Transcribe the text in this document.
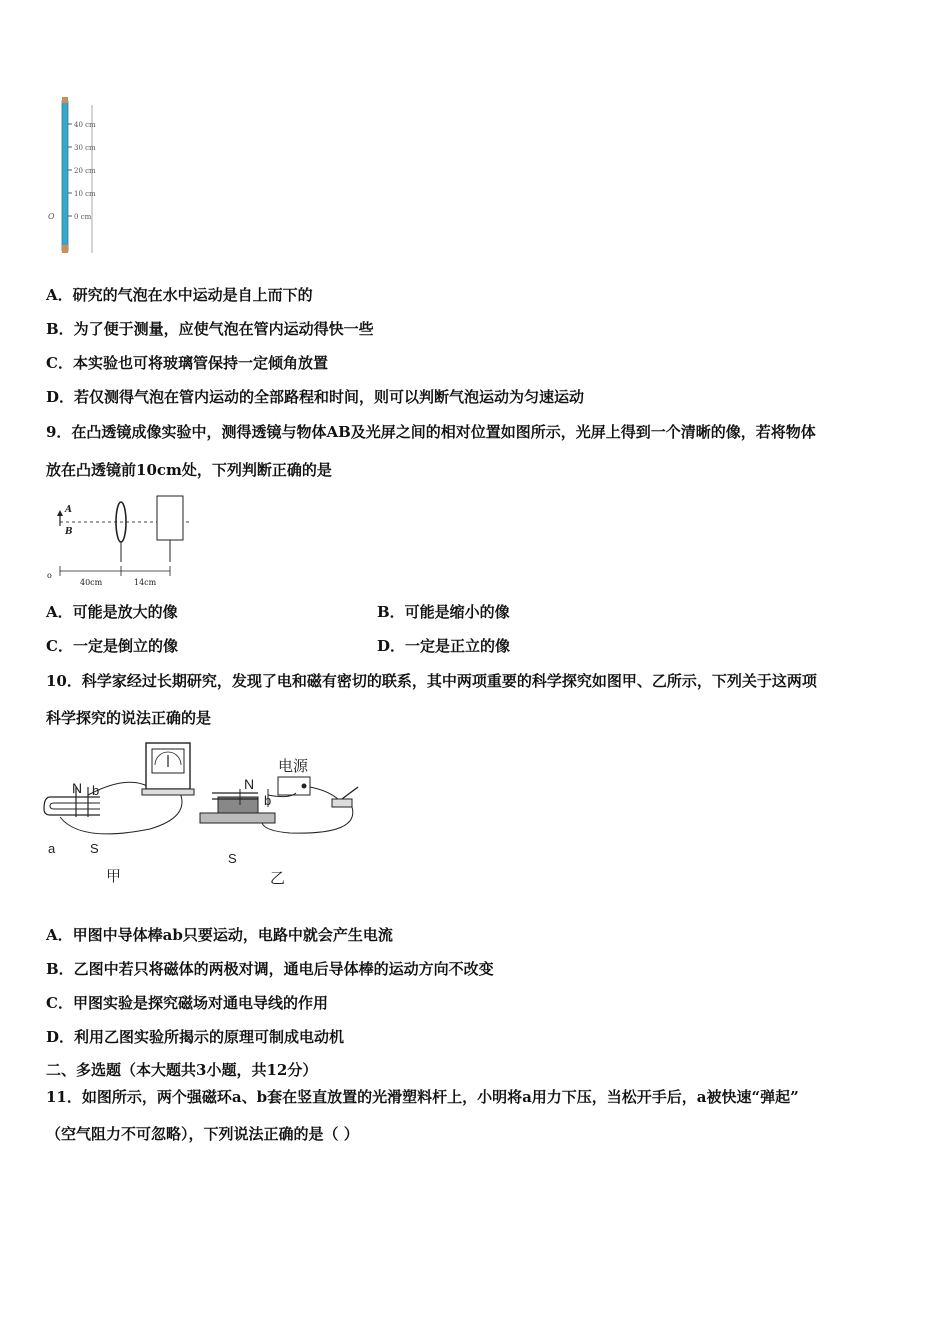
40 cm
30 cm
20 cm
10 cm
0 cm
O
A．研究的气泡在水中运动是自上而下的
B．为了便于测量，应使气泡在管内运动得快一些
C．本实验也可将玻璃管保持一定倾角放置
D．若仅测得气泡在管内运动的全部路程和时间，则可以判断气泡运动为匀速运动
9．在凸透镜成像实验中，测得透镜与物体AB及光屏之间的相对位置如图所示，光屏上得到一个清晰的像，若将物体
放在凸透镜前10cm处，下列判断正确的是
A
B
o
40cm	14cm
A．可能是放大的像	B．可能是缩小的像
C．一定是倒立的像	D．一定是正立的像
10．科学家经过长期研究，发现了电和磁有密切的联系，其中两项重要的科学探究如图甲、乙所示，下列关于这两项
科学探究的说法正确的是
N b
a	S
甲
N
b
电源
S
乙
A．甲图中导体棒ab只要运动，电路中就会产生电流
B．乙图中若只将磁体的两极对调，通电后导体棒的运动方向不改变
C．甲图实验是探究磁场对通电导线的作用
D．利用乙图实验所揭示的原理可制成电动机
二、多选题（本大题共3小题，共12分）
11．如图所示，两个强磁环a、b套在竖直放置的光滑塑料杆上，小明将a用力下压，当松开手后，a被快速“弹起”
（空气阻力不可忽略），下列说法正确的是（ ）
